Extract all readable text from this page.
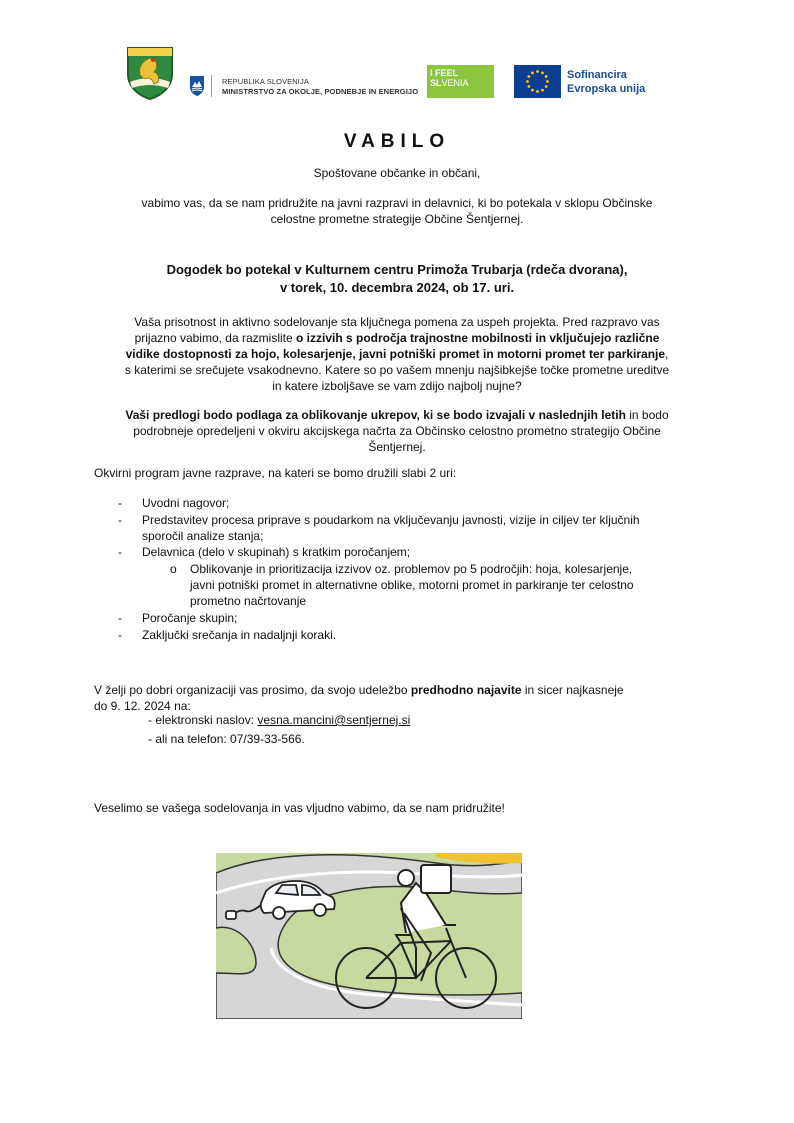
REPUBLIKA SLOVENIJA
MINISTRSTVO ZA OKOLJE, PODNEBJE IN ENERGIJO
I FEEL
SLVENIA
Sofinancira
Evropska unija
VABILO
Spoštovane občanke in občani,
vabimo vas, da se nam pridružite na javni razpravi in delavnici, ki bo potekala v sklopu Občinske
celostne prometne strategije Občine Šentjernej.
Dogodek bo potekal v Kulturnem centru Primoža Trubarja (rdeča dvorana),
v torek, 10. decembra 2024, ob 17. uri.
Vaša prisotnost in aktivno sodelovanje sta ključnega pomena za uspeh projekta. Pred razpravo vas
prijazno vabimo, da razmislite o izzivih s področja trajnostne mobilnosti in vključujejo različne
vidike dostopnosti za hojo, kolesarjenje, javni potniški promet in motorni promet ter parkiranje,
s katerimi se srečujete vsakodnevno. Katere so po vašem mnenju najšibkejše točke prometne ureditve
in katere izboljšave se vam zdijo najbolj nujne?
Vaši predlogi bodo podlaga za oblikovanje ukrepov, ki se bodo izvajali v naslednjih letih in bodo
podrobneje opredeljeni v okviru akcijskega načrta za Občinsko celostno prometno strategijo Občine
Šentjernej.
Okvirni program javne razprave, na kateri se bomo družili slabi 2 uri:
- Uvodni nagovor;
- Predstavitev procesa priprave s poudarkom na vključevanju javnosti, vizije in ciljev ter ključnih
sporočil analize stanja;
- Delavnica (delo v skupinah) s kratkim poročanjem;
o Oblikovanje in prioritizacija izzivov oz. problemov po 5 področjih: hoja, kolesarjenje,
javni potniški promet in alternativne oblike, motorni promet in parkiranje ter celostno
prometno načrtovanje
- Poročanje skupin;
- Zaključki srečanja in nadaljnji koraki.
V želji po dobri organizaciji vas prosimo, da svojo udeležbo predhodno najavite in sicer najkasneje
do 9. 12. 2024 na:
- elektronski naslov: vesna.mancini@sentjernej.si
- ali na telefon: 07/39-33-566.
Veselimo se vašega sodelovanja in vas vljudno vabimo, da se nam pridružite!
